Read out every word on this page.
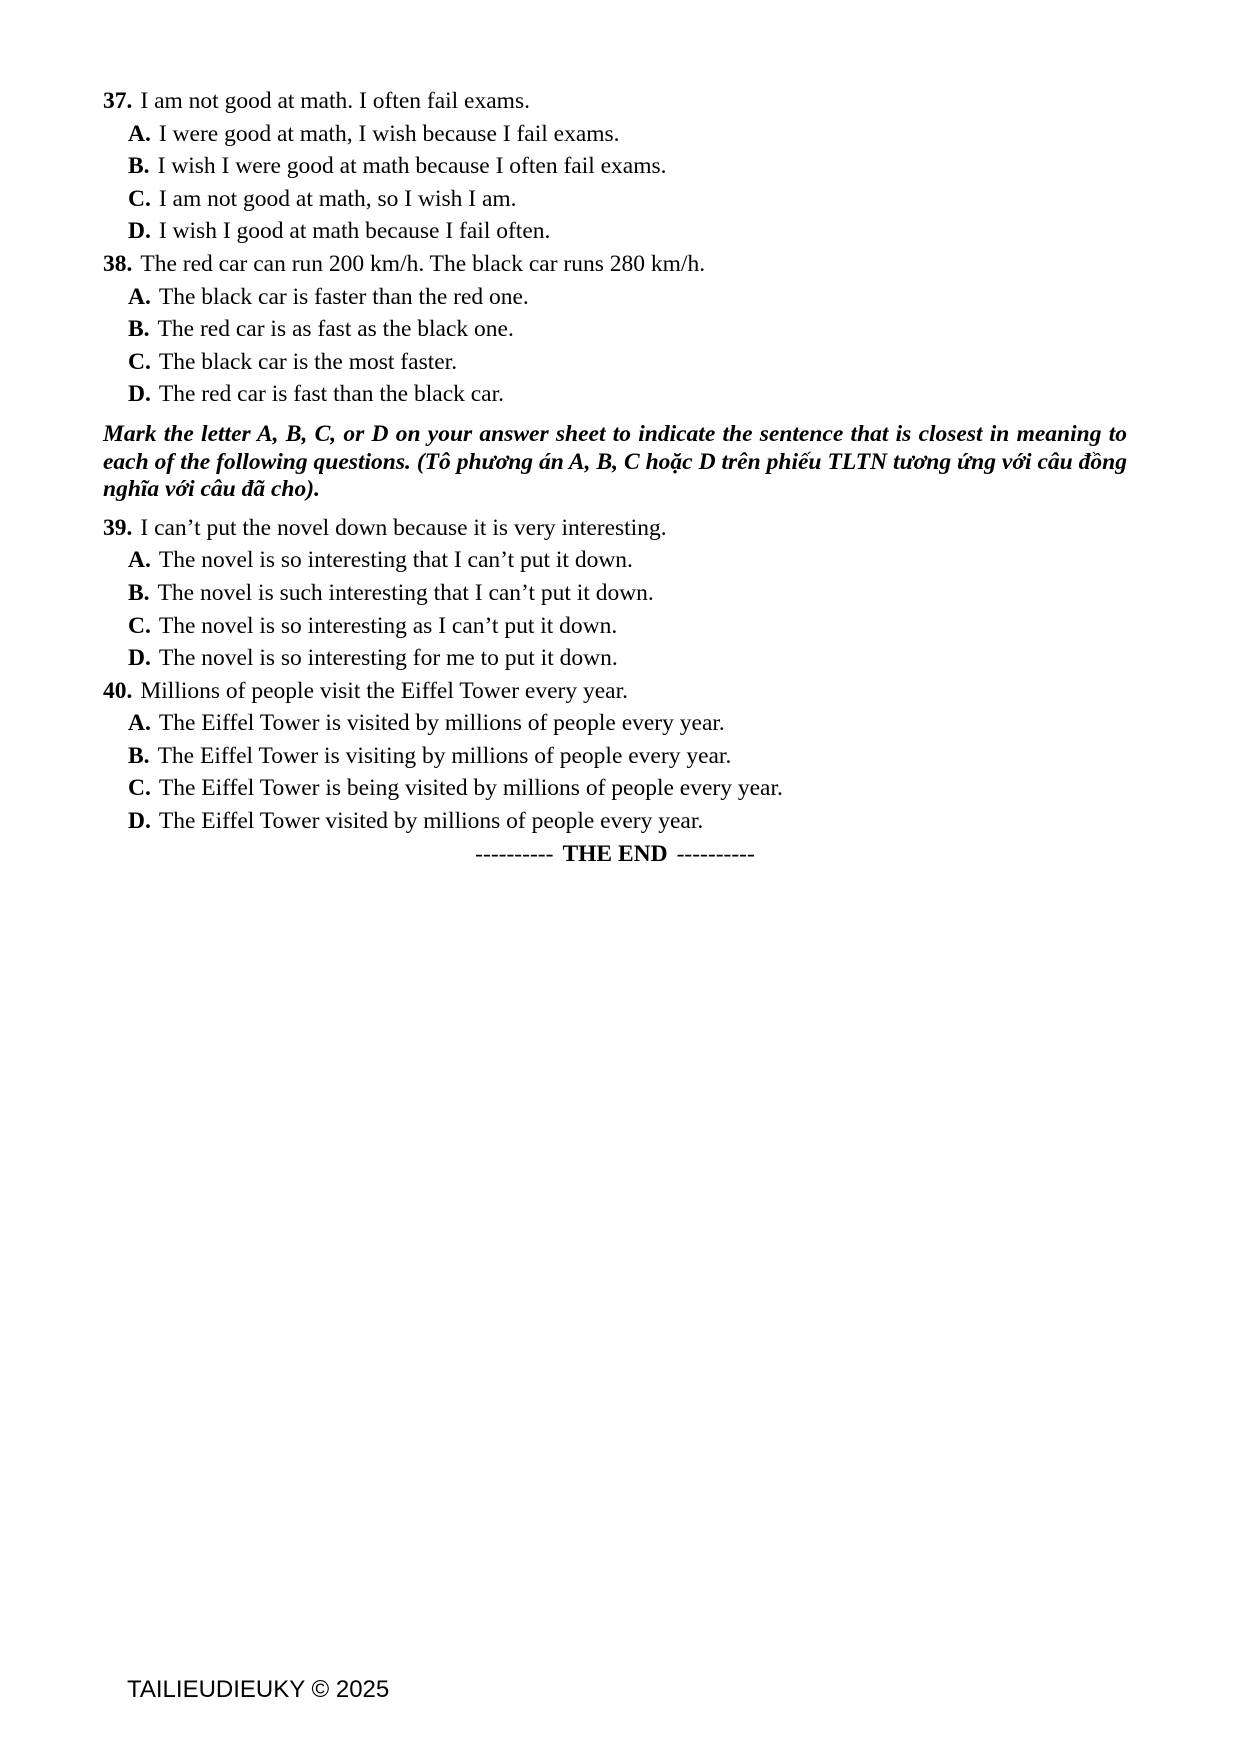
37. I am not good at math. I often fail exams.
A. I were good at math, I wish because I fail exams.
B. I wish I were good at math because I often fail exams.
C. I am not good at math, so I wish I am.
D. I wish I good at math because I fail often.
38. The red car can run 200 km/h. The black car runs 280 km/h.
A. The black car is faster than the red one.
B. The red car is as fast as the black one.
C. The black car is the most faster.
D. The red car is fast than the black car.

Mark the letter A, B, C, or D on your answer sheet to indicate the sentence that is closest in meaning to each of the following questions. (Tô phương án A, B, C hoặc D trên phiếu TLTN tương ứng với câu đồng nghĩa với câu đã cho).

39. I can’t put the novel down because it is very interesting.
A. The novel is so interesting that I can’t put it down.
B. The novel is such interesting that I can’t put it down.
C. The novel is so interesting as I can’t put it down.
D. The novel is so interesting for me to put it down.
40. Millions of people visit the Eiffel Tower every year.
A. The Eiffel Tower is visited by millions of people every year.
B. The Eiffel Tower is visiting by millions of people every year.
C. The Eiffel Tower is being visited by millions of people every year.
D. The Eiffel Tower visited by millions of people every year.
---------- THE END ----------
TAILIEUDIEUKY © 2025
